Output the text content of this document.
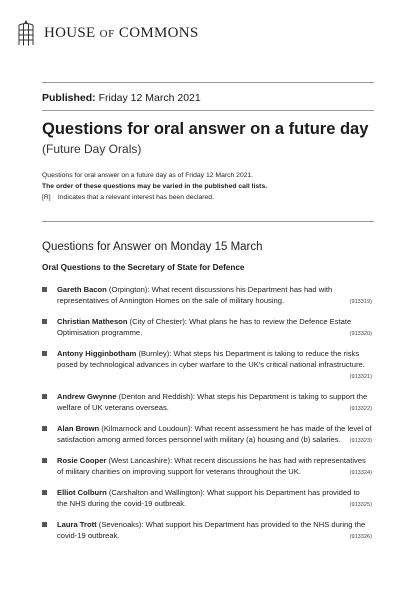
HOUSE OF COMMONS
Published: Friday 12 March 2021
Questions for oral answer on a future day
(Future Day Orals)
Questions for oral answer on a future day as of Friday 12 March 2021.
The order of these questions may be varied in the published call lists.
[R] Indicates that a relevant interest has been declared.
Questions for Answer on Monday 15 March
Oral Questions to the Secretary of State for Defence
Gareth Bacon (Orpington): What recent discussions his Department has had with representatives of Annington Homes on the sale of military housing.	(913319)
Christian Matheson (City of Chester): What plans he has to review the Defence Estate Optimisation programme.	(913320)
Antony Higginbotham (Burnley): What steps his Department is taking to reduce the risks posed by technological advances in cyber warfare to the UK's critical national infrastructure.
(913321)
Andrew Gwynne (Denton and Reddish): What steps his Department is taking to support the welfare of UK veterans overseas.	(913322)
Alan Brown (Kilmarnock and Loudoun): What recent assessment he has made of the level of satisfaction among armed forces personnel with military (a) housing and (b) salaries. (913323)
Rosie Cooper (West Lancashire): What recent discussions he has had with representatives of military charities on improving support for veterans throughout the UK.	(913324)
Elliot Colburn (Carshalton and Wallington): What support his Department has provided to the NHS during the covid-19 outbreak.	(913325)
Laura Trott (Sevenoaks): What support his Department has provided to the NHS during the covid-19 outbreak.	(913326)
